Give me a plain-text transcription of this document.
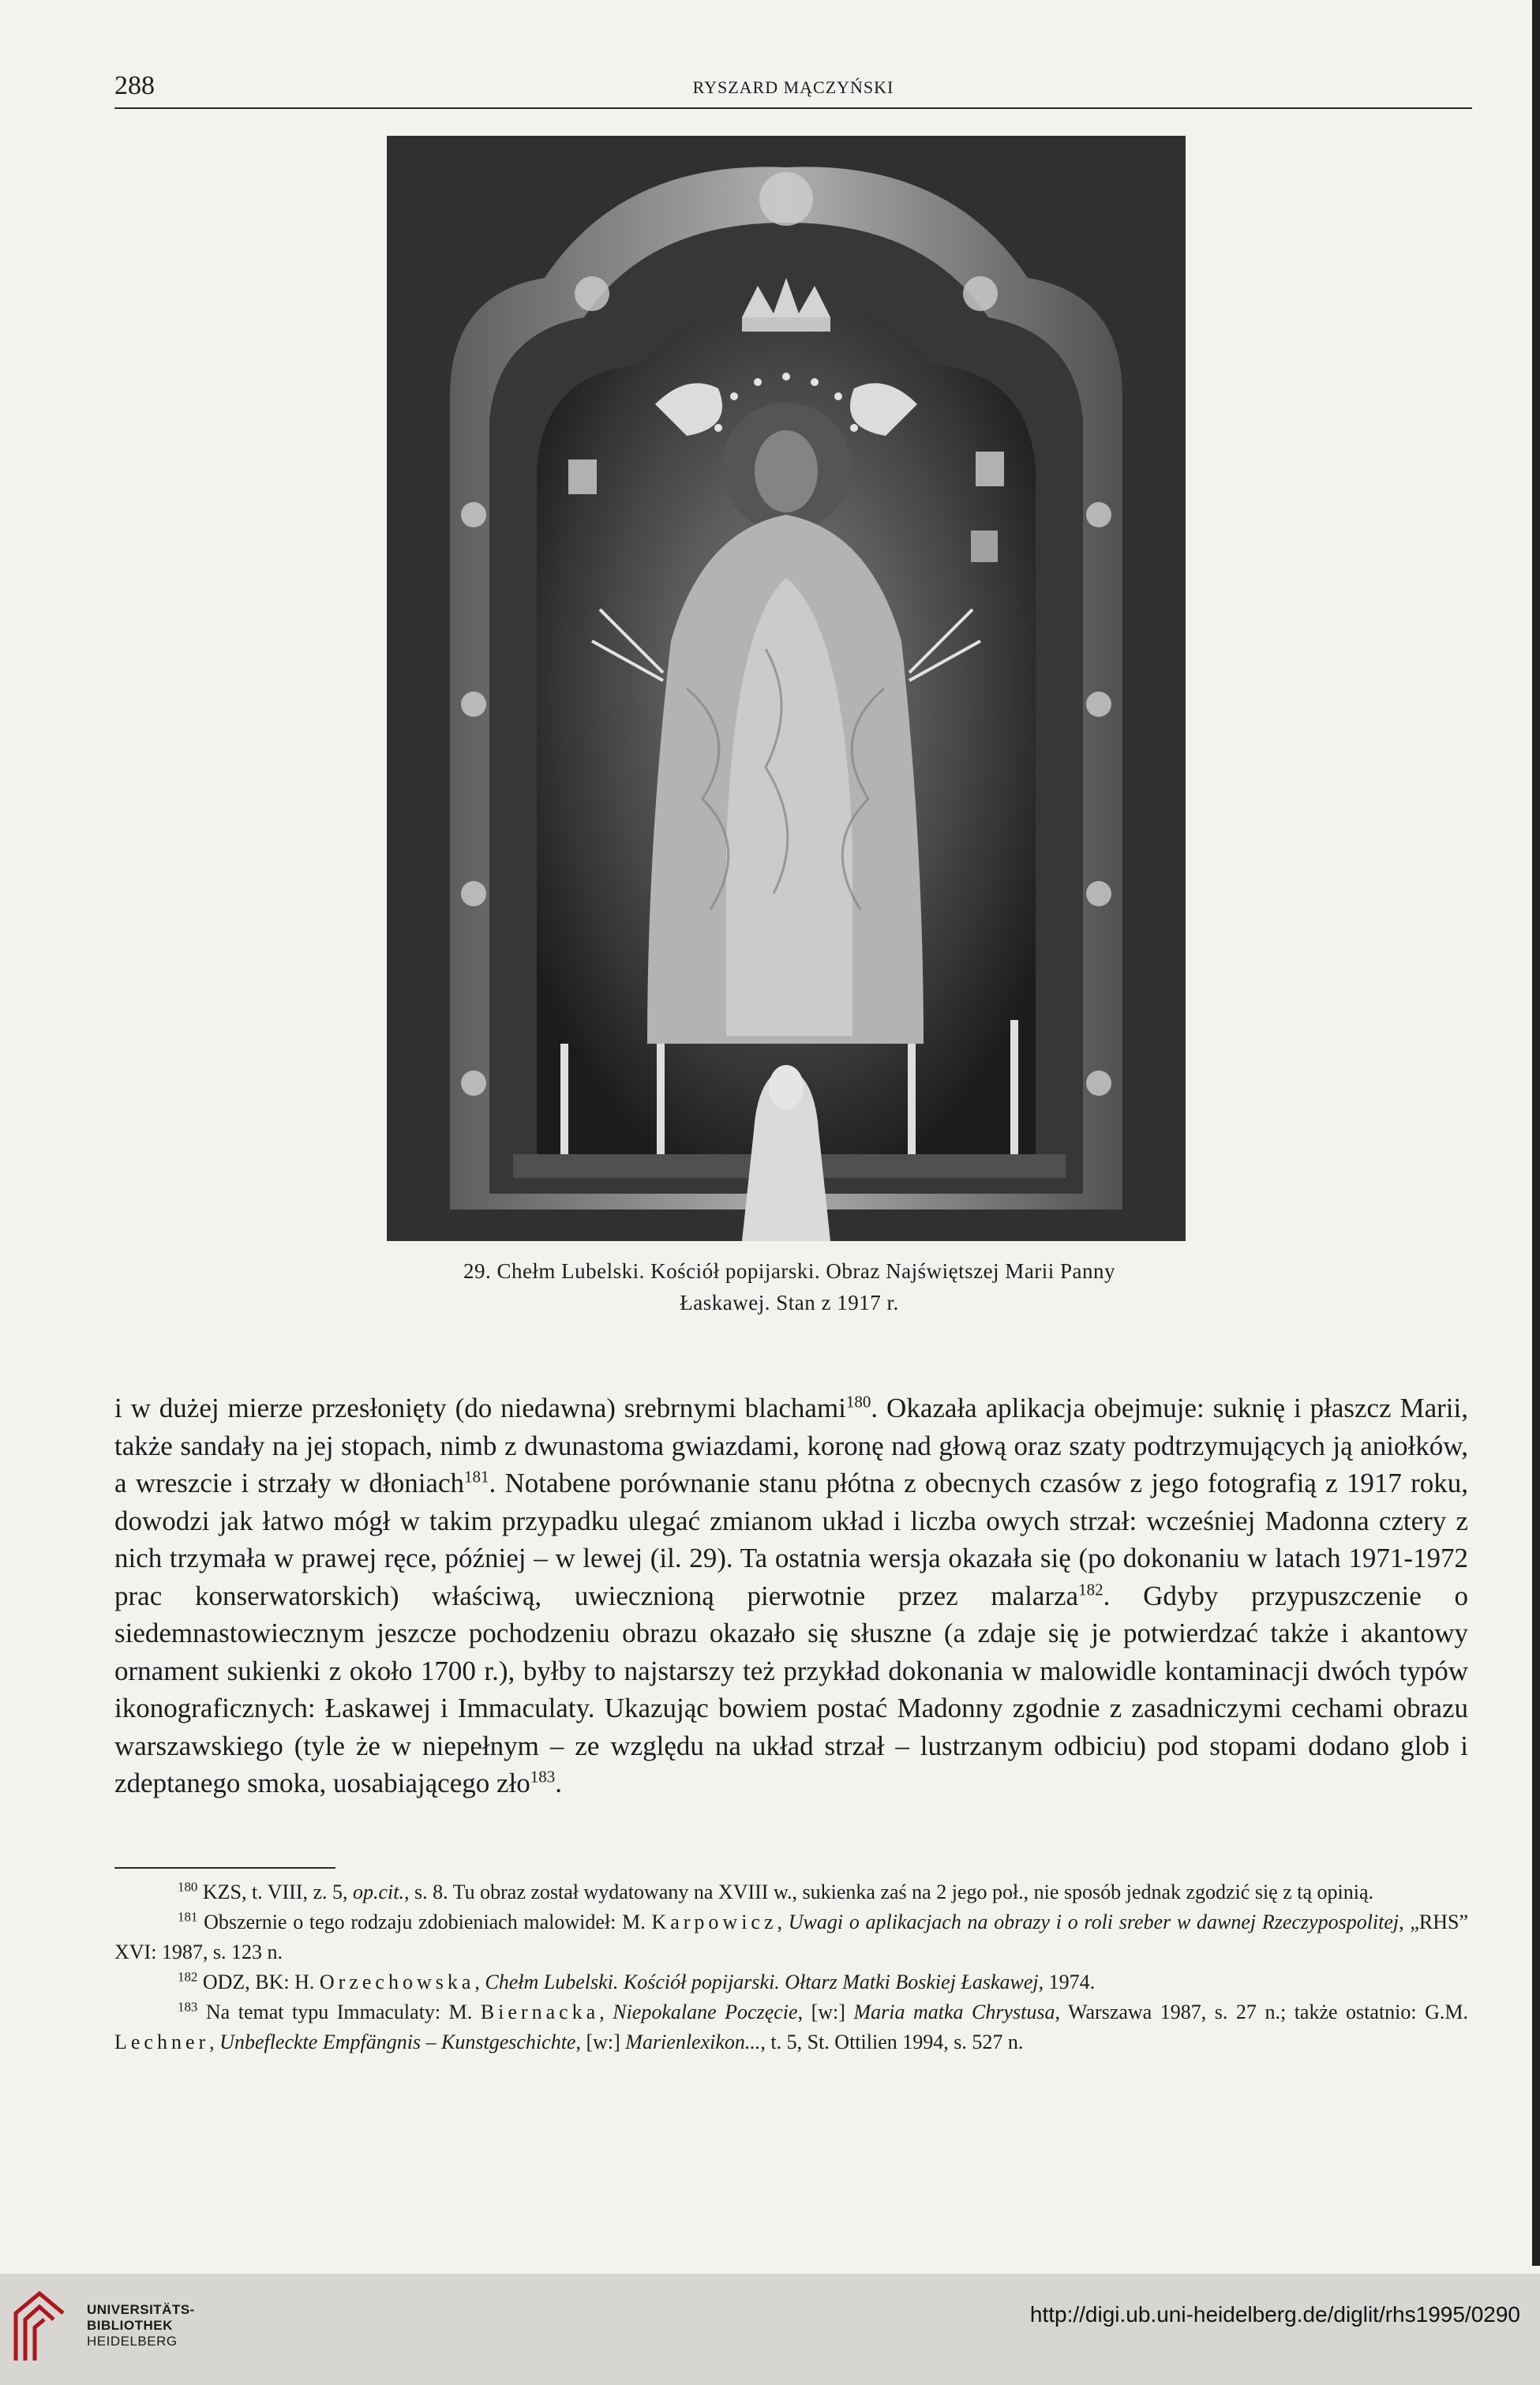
288	RYSZARD MĄCZYŃSKI
29. Chełm Lubelski. Kościół popijarski. Obraz Najświętszej Marii Panny
Łaskawej. Stan z 1917 r.

i w dużej mierze przesłonięty (do niedawna) srebrnymi blachami$^{180}$. Okazała aplikacja obejmuje: suknię i płaszcz Marii, także sandały na jej stopach, nimb z dwunastoma gwiazdami, koronę nad głową oraz szaty podtrzymujących ją aniołków, a wreszcie i strzały w dłoniach$^{181}$. Notabene porównanie stanu płótna z obecnych czasów z jego fotografią z 1917 roku, dowodzi jak łatwo mógł w takim przypadku ulegać zmianom układ i liczba owych strzał: wcześniej Madonna cztery z nich trzymała w prawej ręce, później – w lewej (il. 29). Ta ostatnia wersja okazała się (po dokonaniu w latach 1971-1972 prac konserwatorskich) właściwą, uwiecznioną pierwotnie przez malarza$^{182}$. Gdyby przypuszczenie o siedemnastowiecznym jeszcze pochodzeniu obrazu okazało się słuszne (a zdaje się je potwierdzać także i akantowy ornament sukienki z około 1700 r.), byłby to najstarszy też przykład dokonania w malowidle kontaminacji dwóch typów ikonograficznych: Łaskawej i Immaculaty. Ukazując bowiem postać Madonny zgodnie z zasadniczymi cechami obrazu warszawskiego (tyle że w niepełnym – ze względu na układ strzał – lustrzanym odbiciu) pod stopami dodano glob i zdeptanego smoka, uosabiającego zło$^{183}$.

$^{180}$ KZS, t. VIII, z. 5, op.cit., s. 8. Tu obraz został wydatowany na XVIII w., sukienka zaś na 2 jego poł., nie sposób jednak zgodzić się z tą opinią.

$^{181}$ Obszernie o tego rodzaju zdobieniach malowideł: M. Karpowicz, Uwagi o aplikacjach na obrazy i o roli sreber w dawnej Rzeczypospolitej, „RHS” XVI: 1987, s. 123 n.

$^{182}$ ODZ, BK: H. Orzechowska, Chełm Lubelski. Kościół popijarski. Ołtarz Matki Boskiej Łaskawej, 1974.

$^{183}$ Na temat typu Immaculaty: M. Biernacka, Niepokalane Poczęcie, [w:] Maria matka Chrystusa, Warszawa 1987, s. 27 n.; także ostatnio: G.M. Lechner, Unbefleckte Empfängnis – Kunstgeschichte, [w:] Marienlexikon..., t. 5, St. Ottilien 1994, s. 527 n.

UNIVERSITÄTS-
BIBLIOTHEK
HEIDELBERG
http://digi.ub.uni-heidelberg.de/diglit/rhs1995/0290
